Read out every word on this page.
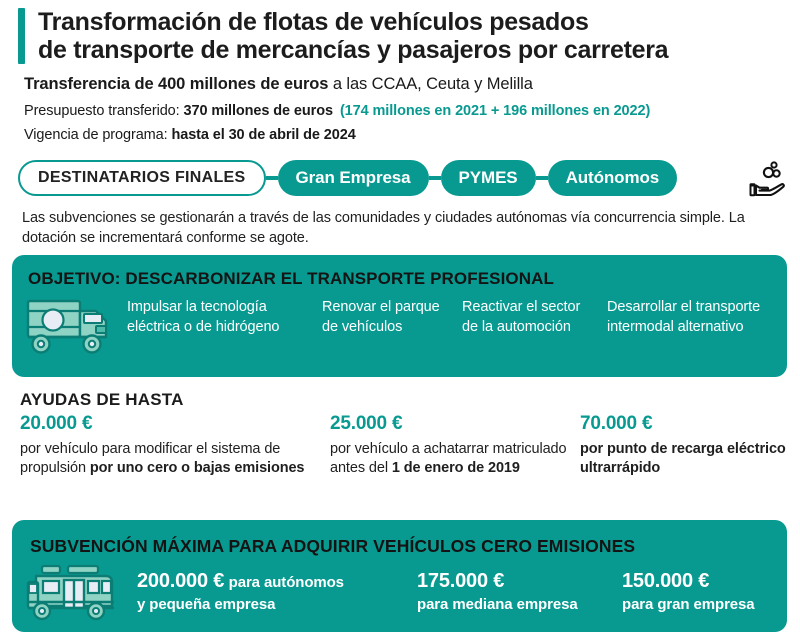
Transformación de flotas de vehículos pesados
de transporte de mercancías y pasajeros por carretera
Transferencia de 400 millones de euros a las CCAA, Ceuta y Melilla
Presupuesto transferido: 370 millones de euros (174 millones en 2021 + 196 millones en 2022)
Vigencia de programa: hasta el 30 de abril de 2024
DESTINATARIOS FINALES	Gran Empresa	PYMES	Autónomos
Las subvenciones se gestionarán a través de las comunidades y ciudades autónomas vía concurrencia simple. La dotación se incrementará conforme se agote.
OBJETIVO: DESCARBONIZAR EL TRANSPORTE PROFESIONAL
Impulsar la tecnología eléctrica o de hidrógeno
Renovar el parque de vehículos
Reactivar el sector de la automoción
Desarrollar el transporte intermodal alternativo
AYUDAS DE HASTA
20.000 €
por vehículo para modificar el sistema de propulsión por uno cero o bajas emisiones
25.000 €
por vehículo a achatarrar matriculado antes del 1 de enero de 2019
70.000 €
por punto de recarga eléctrico ultrarrápido
SUBVENCIÓN MÁXIMA PARA ADQUIRIR VEHÍCULOS CERO EMISIONES
200.000 € para autónomos
y pequeña empresa
175.000 €
para mediana empresa
150.000 €
para gran empresa
